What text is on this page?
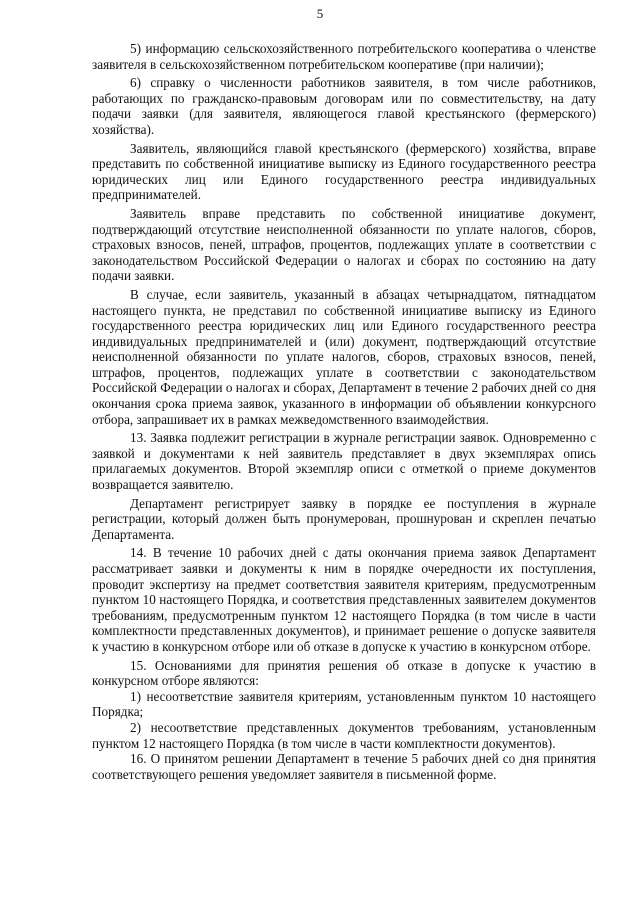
5

5) информацию сельскохозяйственного потребительского кооператива о членстве заявителя в сельскохозяйственном потребительском кооперативе (при наличии);

6) справку о численности работников заявителя, в том числе работников, работающих по гражданско-правовым договорам или по совместительству, на дату подачи заявки (для заявителя, являющегося главой крестьянского (фермерского) хозяйства).

Заявитель, являющийся главой крестьянского (фермерского) хозяйства, вправе представить по собственной инициативе выписку из Единого государственного реестра юридических лиц или Единого государственного реестра индивидуальных предпринимателей.

Заявитель вправе представить по собственной инициативе документ, подтверждающий отсутствие неисполненной обязанности по уплате налогов, сборов, страховых взносов, пеней, штрафов, процентов, подлежащих уплате в соответствии с законодательством Российской Федерации о налогах и сборах по состоянию на дату подачи заявки.

В случае, если заявитель, указанный в абзацах четырнадцатом, пятнадцатом настоящего пункта, не представил по собственной инициативе выписку из Единого государственного реестра юридических лиц или Единого государственного реестра индивидуальных предпринимателей и (или) документ, подтверждающий отсутствие неисполненной обязанности по уплате налогов, сборов, страховых взносов, пеней, штрафов, процентов, подлежащих уплате в соответствии с законодательством Российской Федерации о налогах и сборах, Департамент в течение 2 рабочих дней со дня окончания срока приема заявок, указанного в информации об объявлении конкурсного отбора, запрашивает их в рамках межведомственного взаимодействия.

13. Заявка подлежит регистрации в журнале регистрации заявок. Одновременно с заявкой и документами к ней заявитель представляет в двух экземплярах опись прилагаемых документов. Второй экземпляр описи с отметкой о приеме документов возвращается заявителю.

Департамент регистрирует заявку в порядке ее поступления в журнале регистрации, который должен быть пронумерован, прошнурован и скреплен печатью Департамента.

14. В течение 10 рабочих дней с даты окончания приема заявок Департамент рассматривает заявки и документы к ним в порядке очередности их поступления, проводит экспертизу на предмет соответствия заявителя критериям, предусмотренным пунктом 10 настоящего Порядка, и соответствия представленных заявителем документов требованиям, предусмотренным пунктом 12 настоящего Порядка (в том числе в части комплектности представленных документов), и принимает решение о допуске заявителя к участию в конкурсном отборе или об отказе в допуске к участию в конкурсном отборе.

15. Основаниями для принятия решения об отказе в допуске к участию в конкурсном отборе являются:

1) несоответствие заявителя критериям, установленным пунктом 10 настоящего Порядка;

2) несоответствие представленных документов требованиям, установленным пунктом 12 настоящего Порядка (в том числе в части комплектности документов).

16. О принятом решении Департамент в течение 5 рабочих дней со дня принятия соответствующего решения уведомляет заявителя в письменной форме.
